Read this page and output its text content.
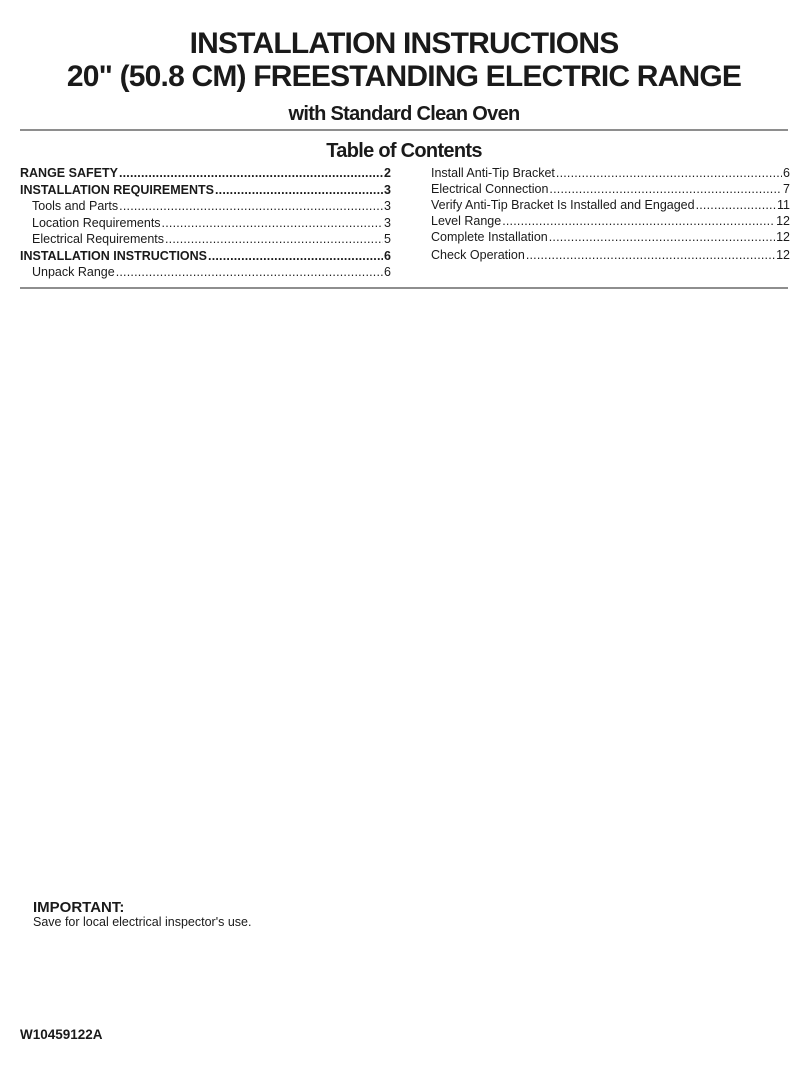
INSTALLATION INSTRUCTIONS
20" (50.8 CM) FREESTANDING ELECTRIC RANGE
with Standard Clean Oven
Table of Contents
RANGE SAFETY .....	2
INSTALLATION REQUIREMENTS .....	3
Tools and Parts .....	3
Location Requirements .....	3
Electrical Requirements .....	5
INSTALLATION INSTRUCTIONS .....	6
Unpack Range .....	6
Install Anti-Tip Bracket .....	6
Electrical Connection .....	7
Verify Anti-Tip Bracket Is Installed and Engaged .....	11
Level Range .....	12
Complete Installation .....	12
Check Operation .....	12

IMPORTANT:

Save for local electrical inspector's use.

W10459122A
